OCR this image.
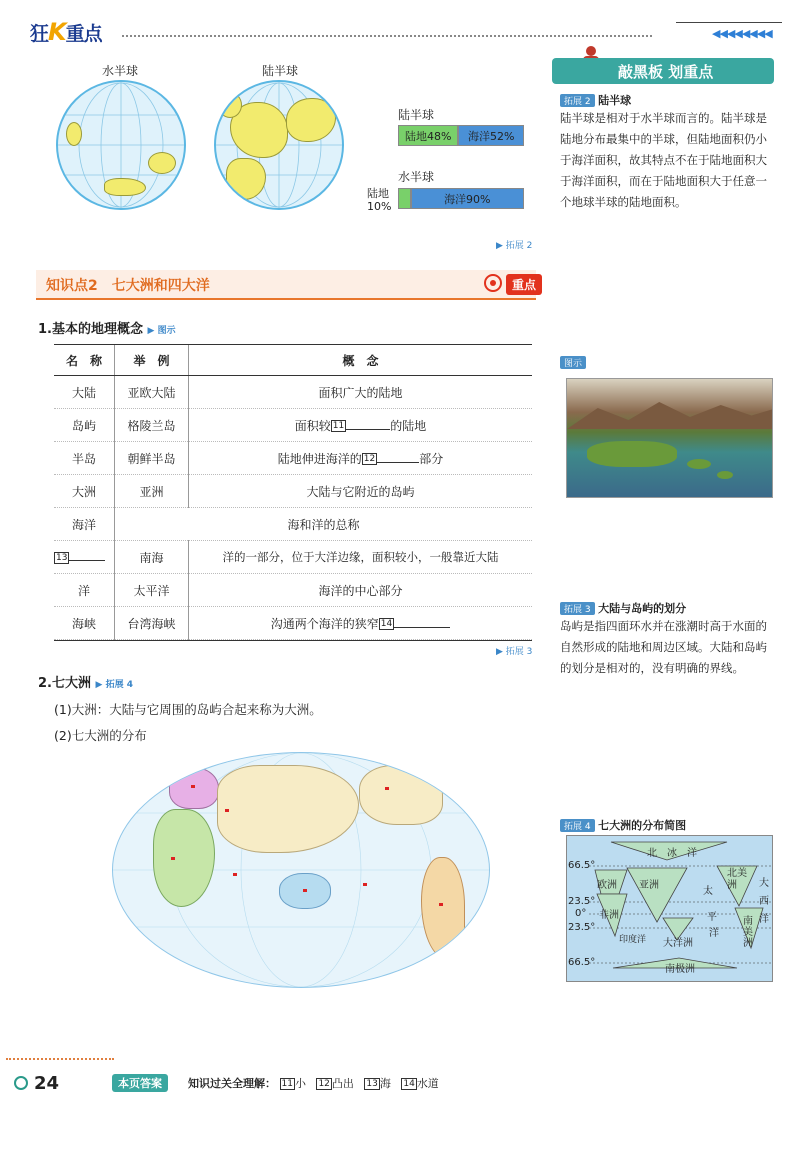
狂K重点	◀◀◀◀◀◀◀◀
水半球	陆半球
陆半球
陆地48%	海洋52%
水半球
陆地10%
海洋90%
▶ 拓展 2
敲黑板 划重点
拓展 2 陆半球
陆半球是相对于水半球而言的。陆半球是陆地分布最集中的半球，但陆地面积仍小于海洋面积，故其特点不在于陆地面积大于海洋面积，而在于陆地面积大于任意一个地球半球的陆地面积。
图示
拓展 3 大陆与岛屿的划分
岛屿是指四面环水并在涨潮时高于水面的自然形成的陆地和周边区域。大陆和岛屿的划分是相对的，没有明确的界线。
拓展 4 七大洲的分布简图
66.5°
23.5°
0°
23.5°
66.5°
北冰洋
欧洲 亚洲
非洲
北美洲
南美洲
大洋洲
南极洲
太
平
洋
大
西
洋
印度洋
知识点2　七大洲和四大洋	重点
1.基本的地理概念 ▶ 图示
名　称	举　例	概　念
大陆	亚欧大陆	面积广大的陆地
岛屿	格陵兰岛	面积较 11 的陆地
半岛	朝鲜半岛	陆地伸进海洋的 12 部分
大洲	亚洲	大陆与它附近的岛屿
海洋	海和洋的总称	
13	南海	洋的一部分，位于大洋边缘，面积较小，一般靠近大陆
洋	太平洋	海洋的中心部分
海峡	台湾海峡	沟通两个海洋的狭窄 14
▶ 拓展 3
2.七大洲 ▶ 拓展 4
(1)大洲：大陆与它周围的岛屿合起来称为大洲。
(2)七大洲的分布
24	本页答案	知识过关全理解： 11 小 12 凸出 13 海 14 水道
